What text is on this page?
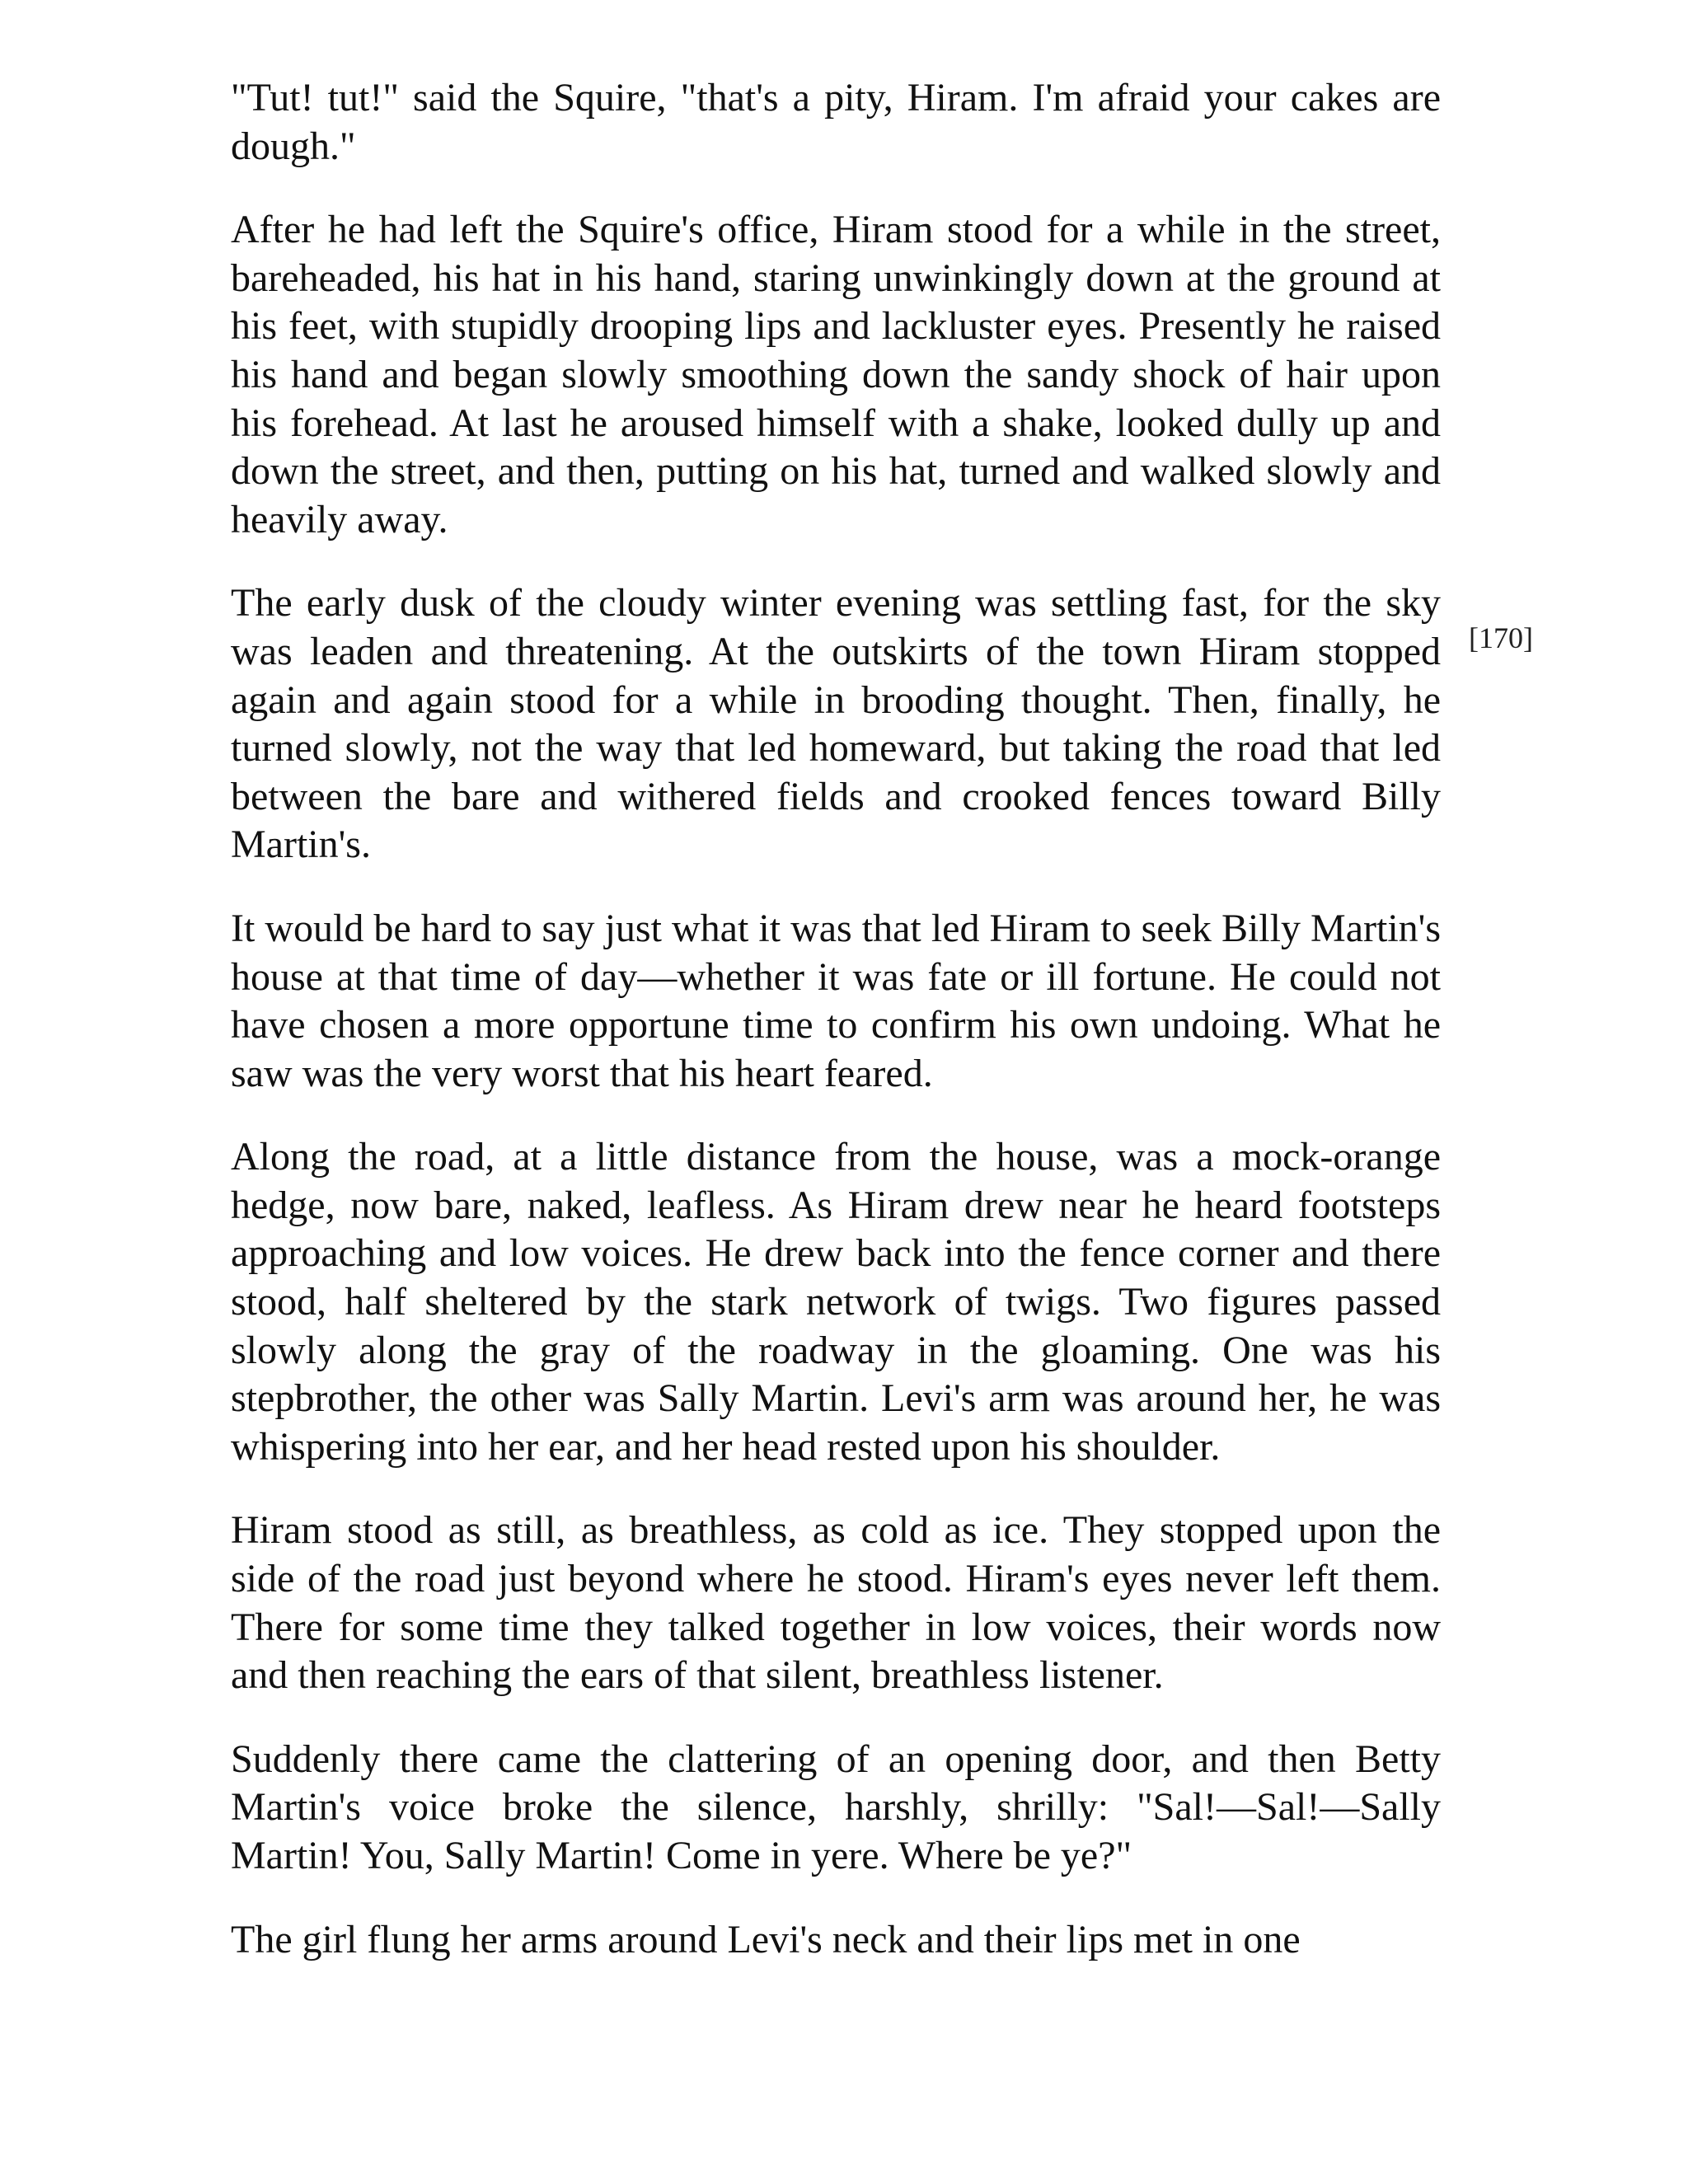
"Tut! tut!" said the Squire, "that's a pity, Hiram. I'm afraid your cakes are dough."

After he had left the Squire's office, Hiram stood for a while in the street, bareheaded, his hat in his hand, staring unwinkingly down at the ground at his feet, with stupidly drooping lips and lackluster eyes. Presently he raised his hand and began slowly smoothing down the sandy shock of hair upon his forehead. At last he aroused himself with a shake, looked dully up and down the street, and then, putting on his hat, turned and walked slowly and heavily away.

The early dusk of the cloudy winter evening was settling fast, for the sky was leaden and threatening. At the outskirts of the town Hiram stopped again and again stood for a while in brooding thought. Then, finally, he turned slowly, not the way that led homeward, but taking the road that led between the bare and withered fields and crooked fences toward Billy Martin's.

It would be hard to say just what it was that led Hiram to seek Billy Martin's house at that time of day—whether it was fate or ill fortune. He could not have chosen a more opportune time to confirm his own undoing. What he saw was the very worst that his heart feared.

Along the road, at a little distance from the house, was a mock-orange hedge, now bare, naked, leafless. As Hiram drew near he heard footsteps approaching and low voices. He drew back into the fence corner and there stood, half sheltered by the stark network of twigs. Two figures passed slowly along the gray of the roadway in the gloaming. One was his stepbrother, the other was Sally Martin. Levi's arm was around her, he was whispering into her ear, and her head rested upon his shoulder.

Hiram stood as still, as breathless, as cold as ice. They stopped upon the side of the road just beyond where he stood. Hiram's eyes never left them. There for some time they talked together in low voices, their words now and then reaching the ears of that silent, breathless listener.

Suddenly there came the clattering of an opening door, and then Betty Martin's voice broke the silence, harshly, shrilly: "Sal!—Sal!—Sally Martin! You, Sally Martin! Come in yere. Where be ye?"

The girl flung her arms around Levi's neck and their lips met in one

[170]
